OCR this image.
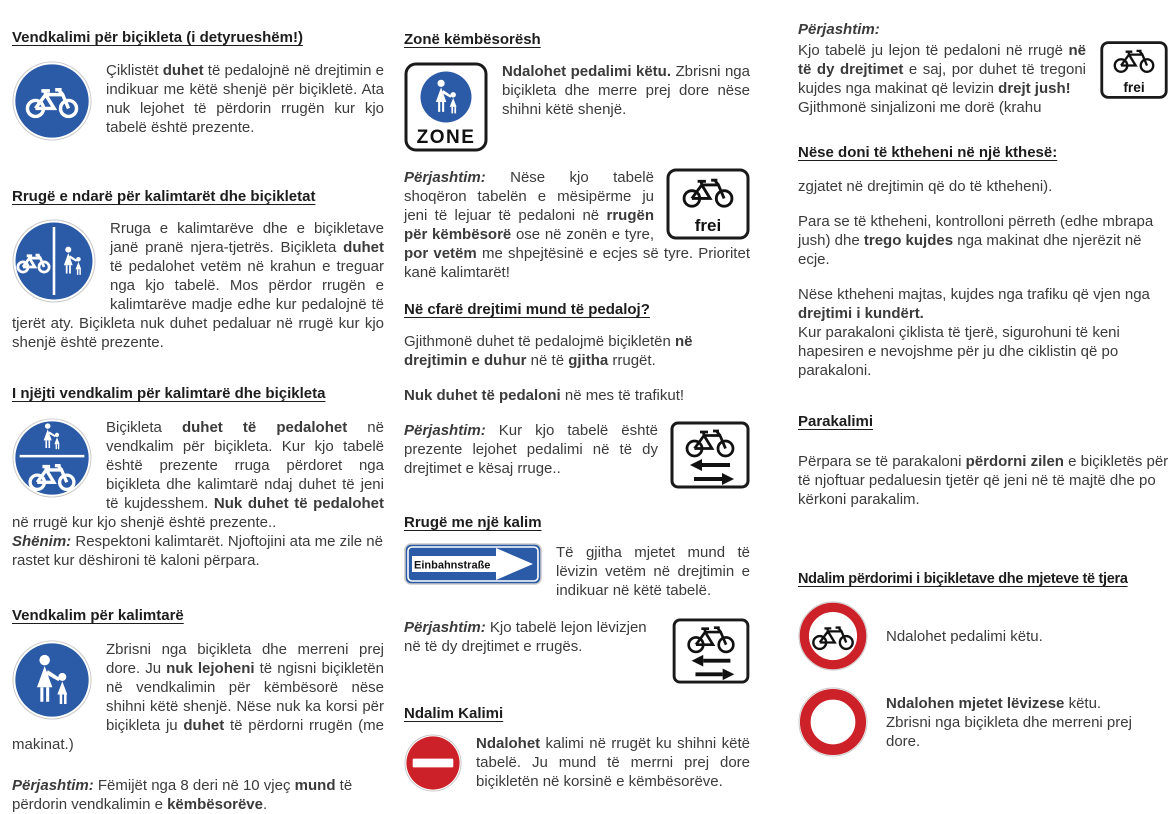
Vendkalimi për biçikleta (i detyrueshëm!)

Çiklistët duhet të pedalojnë në drejtimin e indikuar me këtë shenjë për biçikletë. Ata nuk lejohet të përdorin rrugën kur kjo tabelë është prezente.

Rrugë e ndarë për kalimtarët dhe biçikletat

Rruga e kalimtarëve dhe e biçikletave janë pranë njera-tjetrës. Biçikleta duhet të pedalohet vetëm në krahun e treguar nga kjo tabelë. Mos përdor rrugën e kalimtarëve madje edhe kur pedalojnë të tjerët aty. Biçikleta nuk duhet pedaluar në rrugë kur kjo shenjë është prezente.

I njëjti vendkalim për kalimtarë dhe biçikleta

Biçikleta duhet të pedalohet në vendkalim për biçikleta. Kur kjo tabelë është prezente rruga përdoret nga biçikleta dhe kalimtarë ndaj duhet të jeni të kujdesshem. Nuk duhet të pedalohet në rrugë kur kjo shenjë është prezente..

Shënim: Respektoni kalimtarët. Njoftojini ata me zile në rastet kur dëshironi të kaloni përpara.

Vendkalim për kalimtarë

Zbrisni nga biçikleta dhe merreni prej dore. Ju nuk lejoheni të ngisni biçikletën në vendkalimin për këmbësorë nëse shihni këtë shenjë. Nëse nuk ka korsi për biçikleta ju duhet të përdorni rrugën (me makinat.)

Përjashtim: Fëmijët nga 8 deri në 10 vjeç mund të përdorin vendkalimin e këmbësorëve.

Zonë këmbësorësh
ZONE

Ndalohet pedalimi këtu. Zbrisni nga biçikleta dhe merre prej dore nëse shihni këtë shenjë.

frei

Përjashtim: Nëse kjo tabelë shoqëron tabelën e mësipërme ju jeni të lejuar të pedaloni në rrugën për këmbësorë ose në zonën e tyre, por vetëm me shpejtësinë e ecjes së tyre. Prioritet kanë kalimtarët!

Në cfarë drejtimi mund të pedaloj?

Gjithmonë duhet të pedalojmë biçikletën në drejtimin e duhur në të gjitha rrugët.

Nuk duhet të pedaloni në mes të trafikut!

Përjashtim: Kur kjo tabelë është prezente lejohet pedalimi në të dy drejtimet e kësaj rruge..

Rrugë me një kalim
Einbahnstraße

Të gjitha mjetet mund të lëvizin vetëm në drejtimin e indikuar në këtë tabelë.

Përjashtim: Kjo tabelë lejon lëvizjen në të dy drejtimet e rrugës.

Ndalim Kalimi

Ndalohet kalimi në rrugët ku shihni këtë tabelë. Ju mund të merrni prej dore biçikletën në korsinë e këmbësorëve.

Përjashtim:

frei

Kjo tabelë ju lejon të pedaloni në rrugë në të dy drejtimet e saj, por duhet të tregoni kujdes nga makinat që levizin drejt jush!

Gjithmonë sinjalizoni me dorë (krahu

Nëse doni të ktheheni në një kthesë:

zgjatet në drejtimin që do të ktheheni).

Para se të ktheheni, kontrolloni përreth (edhe mbrapa jush) dhe trego kujdes nga makinat dhe njerëzit në ecje.

Nëse ktheheni majtas, kujdes nga trafiku që vjen nga drejtimi i kundërt.

Kur parakaloni çiklista të tjerë, sigurohuni të keni hapesiren e nevojshme për ju dhe ciklistin që po parakaloni.

Parakalimi

Përpara se të parakaloni përdorni zilen e biçikletës për të njoftuar pedaluesin tjetër që jeni në të majtë dhe po kërkoni parakalim.

Ndalim përdorimi i biçikletave dhe mjeteve të tjera

Ndalohet pedalimi këtu.

Ndalohen mjetet lëvizese këtu.

Zbrisni nga biçikleta dhe merreni prej dore.
